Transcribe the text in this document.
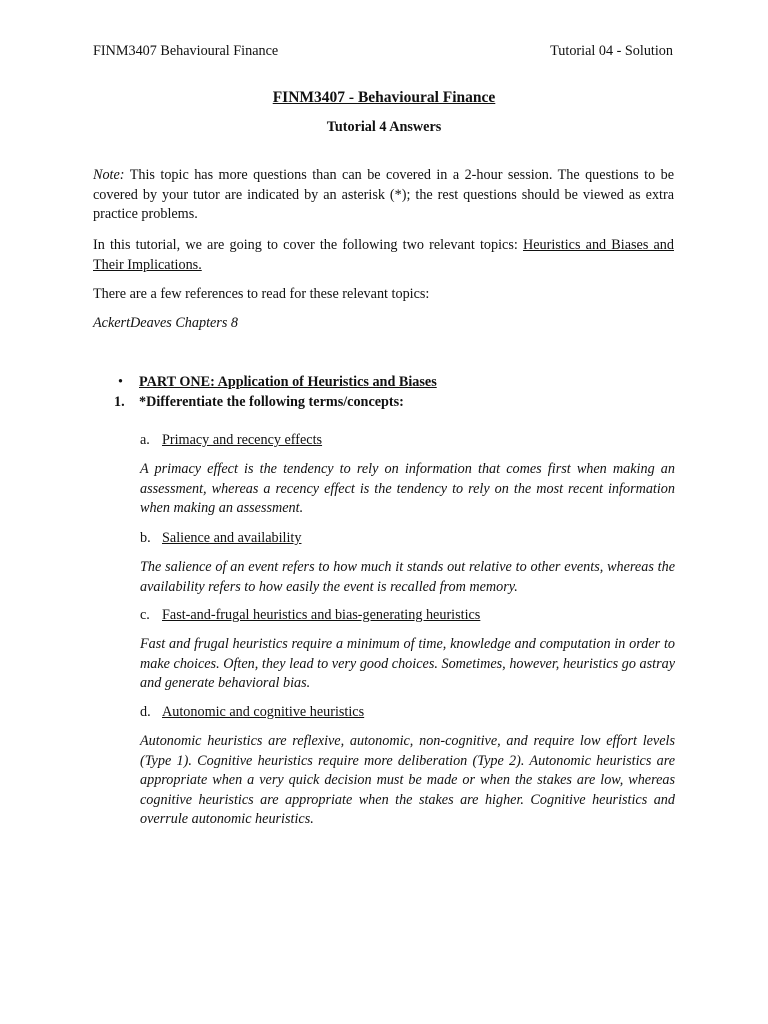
FINM3407 Behavioural Finance	Tutorial 04 - Solution
FINM3407 - Behavioural Finance
Tutorial 4 Answers
Note: This topic has more questions than can be covered in a 2-hour session. The questions to be covered by your tutor are indicated by an asterisk (*); the rest questions should be viewed as extra practice problems.
In this tutorial, we are going to cover the following two relevant topics: Heuristics and Biases and Their Implications.
There are a few references to read for these relevant topics:
AckertDeaves Chapters 8
•	PART ONE: Application of Heuristics and Biases
1.	*Differentiate the following terms/concepts:
a. Primacy and recency effects
A primacy effect is the tendency to rely on information that comes first when making an assessment, whereas a recency effect is the tendency to rely on the most recent information when making an assessment.
b. Salience and availability
The salience of an event refers to how much it stands out relative to other events, whereas the availability refers to how easily the event is recalled from memory.
c. Fast-and-frugal heuristics and bias-generating heuristics
Fast and frugal heuristics require a minimum of time, knowledge and computation in order to make choices. Often, they lead to very good choices. Sometimes, however, heuristics go astray and generate behavioral bias.
d. Autonomic and cognitive heuristics
Autonomic heuristics are reflexive, autonomic, non-cognitive, and require low effort levels (Type 1). Cognitive heuristics require more deliberation (Type 2). Autonomic heuristics are appropriate when a very quick decision must be made or when the stakes are low, whereas cognitive heuristics are appropriate when the stakes are higher. Cognitive heuristics and overrule autonomic heuristics.
